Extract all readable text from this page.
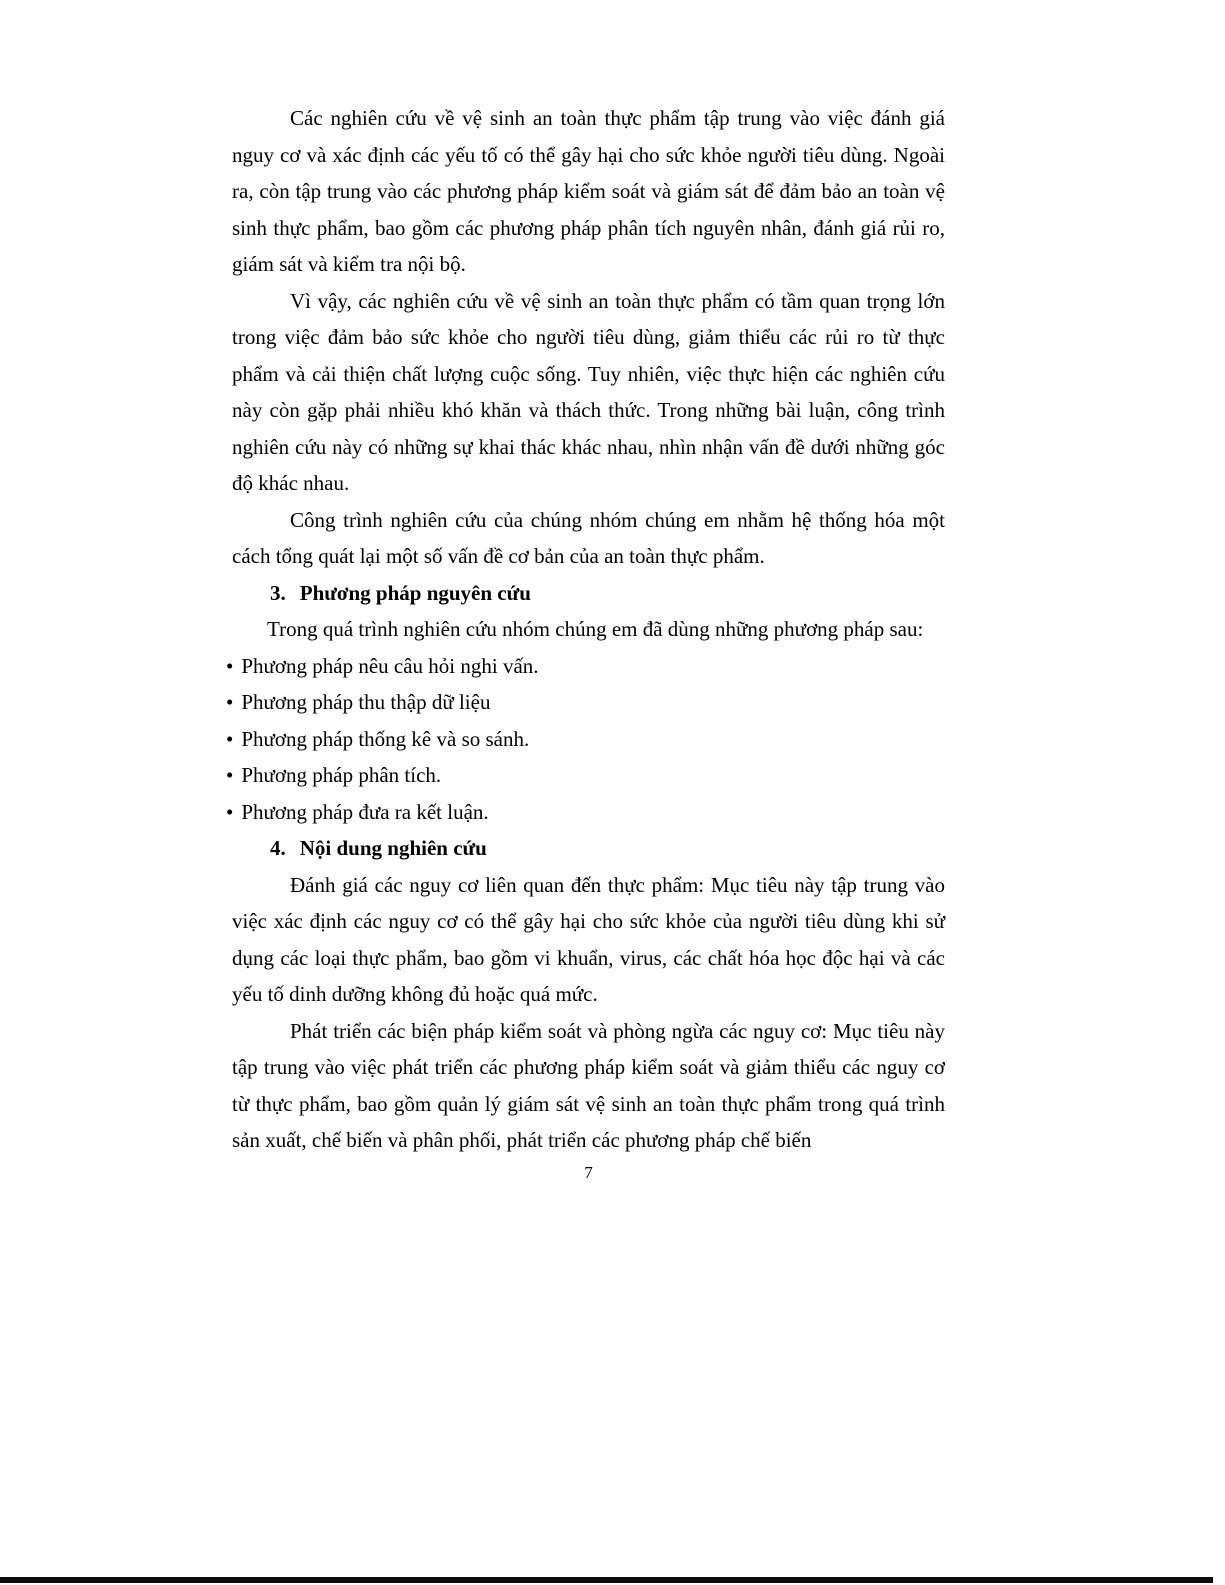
Các nghiên cứu về vệ sinh an toàn thực phẩm tập trung vào việc đánh giá nguy cơ và xác định các yếu tố có thể gây hại cho sức khỏe người tiêu dùng. Ngoài ra, còn tập trung vào các phương pháp kiểm soát và giám sát để đảm bảo an toàn vệ sinh thực phẩm, bao gồm các phương pháp phân tích nguyên nhân, đánh giá rủi ro, giám sát và kiểm tra nội bộ.

Vì vậy, các nghiên cứu về vệ sinh an toàn thực phẩm có tầm quan trọng lớn trong việc đảm bảo sức khỏe cho người tiêu dùng, giảm thiểu các rủi ro từ thực phẩm và cải thiện chất lượng cuộc sống. Tuy nhiên, việc thực hiện các nghiên cứu này còn gặp phải nhiều khó khăn và thách thức. Trong những bài luận, công trình nghiên cứu này có những sự khai thác khác nhau, nhìn nhận vấn đề dưới những góc độ khác nhau.

Công trình nghiên cứu của chúng nhóm chúng em nhằm hệ thống hóa một cách tổng quát lại một số vấn đề cơ bản của an toàn thực phẩm.

3. Phương pháp nguyên cứu

Trong quá trình nghiên cứu nhóm chúng em đã dùng những phương pháp sau:

• Phương pháp nêu câu hỏi nghi vấn.
• Phương pháp thu thập dữ liệu
• Phương pháp thống kê và so sánh.
• Phương pháp phân tích.
• Phương pháp đưa ra kết luận.
4. Nội dung nghiên cứu

Đánh giá các nguy cơ liên quan đến thực phẩm: Mục tiêu này tập trung vào việc xác định các nguy cơ có thể gây hại cho sức khỏe của người tiêu dùng khi sử dụng các loại thực phẩm, bao gồm vi khuẩn, virus, các chất hóa học độc hại và các yếu tố dinh dưỡng không đủ hoặc quá mức.

Phát triển các biện pháp kiểm soát và phòng ngừa các nguy cơ: Mục tiêu này tập trung vào việc phát triển các phương pháp kiểm soát và giảm thiểu các nguy cơ từ thực phẩm, bao gồm quản lý giám sát vệ sinh an toàn thực phẩm trong quá trình sản xuất, chế biến và phân phối, phát triển các phương pháp chế biến

7
